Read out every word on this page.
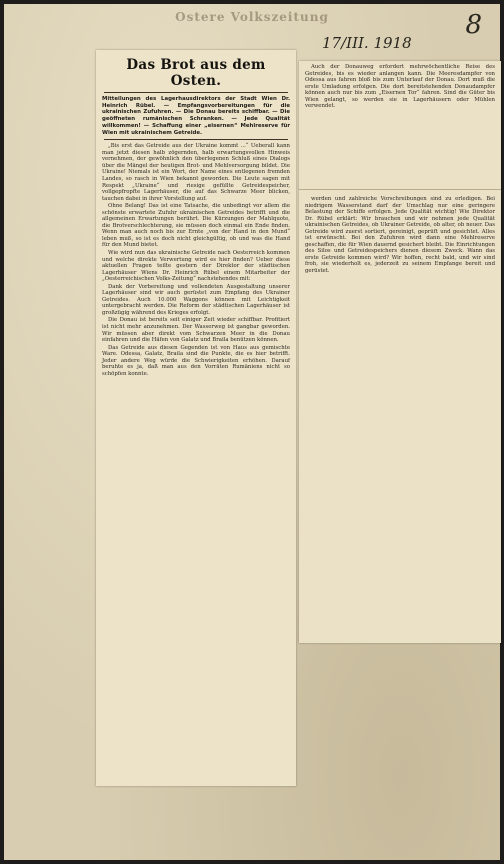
Ostere Volkszeitung	8
17/III. 1918
Das Brot aus dem Osten.
Mitteilungen des Lagerhausdirektors der Stadt Wien Dr. Heinrich Rübel. — Empfangsvorbereitungen für die ukrainischen Zufuhren. — Die Donau bereits schiffbar. — Die geöffneten rumänischen Schranken. — Jede Qualität willkommen! — Schaffung einer „eisernen“ Mehlreserve für Wien mit ukrainischem Getreide.

„Bis erst das Getreide aus der Ukraine kommt ...“ Ueberall kann man jetzt diesen halb zögernden, halb erwartungsvollen Hinweis vernehmen, der gewöhnlich den überlegenen Schluß eines Dialogs über die Mängel der heutigen Brot- und Mehlversorgung bildet. Die Ukraine! Niemals ist ein Wort, der Name eines entlegenen fremden Landes, so rasch in Wien bekannt geworden. Die Leute sagen mit Respekt „Ukraine“ und riesige gefüllte Getreidespeicher, vollgepfropfte Lagerhäuser, die auf das Schwarze Meer blicken, tauchen dabei in ihrer Vorstellung auf.

Ohne Belang! Das ist eine Tatsache, die unbedingt vor allem die schönste erwartete Zufuhr ukrainischen Getreides betrifft und die allgemeinen Erwartungen berührt. Die Kürzungen der Mahlquote, die Brotverschlechterung, sie müssen doch einmal ein Ende finden. Wenn man auch noch bis zur Ernte „von der Hand in den Mund“ leben muß, so ist es doch nicht gleichgültig, ob und was die Hand für den Mund bietet.

Wie wird nun das ukrainische Getreide nach Oesterreich kommen und welche direkte Verwertung wird es hier finden? Ueber diese aktuellen Fragen teilte gestern der Direktor der städtischen Lagerhäuser Wiens Dr. Heinrich Rübel einem Mitarbeiter der „Oesterreichischen Volks-Zeitung“ nachstehendes mit:

Dank der Vorbereitung und vollendeten Ausgestaltung unserer Lagerhäuser sind wir auch gerüstet zum Empfang des Ukrainer Getreides. Auch 10.000 Waggons können mit Leichtigkeit untergebracht werden. Die Reform der städtischen Lagerhäuser ist großzügig während des Krieges erfolgt.

Die Donau ist bereits seit einiger Zeit wieder schiffbar. Profitiert ist nicht mehr anzunehmen. Der Wasserweg ist gangbar geworden. Wir müssen aber direkt vom Schwarzen Meer in die Donau einfahren und die Häfen von Galatz und Braila benützen können.

Das Getreide aus diesen Gegenden ist von Haus aus gemischte Ware. Odessa, Galatz, Braila sind die Punkte, die es hier betrifft. Jeder andere Weg würde die Schwierigkeiten erhöhen. Darauf beruhte es ja, daß man aus den Vorräten Rumäniens nicht so schöpfen konnte.

Auch der Donauweg erfordert mehrwöchentliche Reise des Getreides, bis es wieder anlangen kann. Die Meeresdampfer von Odessa aus fahren bloß bis zum Unterlauf der Donau. Dort muß die erste Umladung erfolgen. Die dort bereitstehenden Donaudampfer können auch nur bis zum „Eisernen Tor“ fahren. Sind die Güter bis Wien gelangt, so werden sie in Lagerhäusern oder Mühlen verwendet.

werden und zahlreiche Vorschreibungen sind zu erledigen. Bei niedrigem Wasserstand darf der Umschlag nur eine geringere Belastung der Schiffe erfolgen. Jede Qualität wichtig! Wie Direktor Dr. Rübel erklärt: Wir brauchen und wir nehmen jede Qualität ukrainischen Getreides, ob Ukrainer Getreide, ob alter, ob neuer. Das Getreide wird zuerst sortiert, gereinigt, geprüft und gesichtet. Alles ist erwünscht. Bei den Zufuhren wird dann eine Mehlreserve geschaffen, die für Wien dauernd gesichert bleibt. Die Einrichtungen des Silos und Getreidespeichers dienen diesem Zweck. Wann das erste Getreide kommen wird? Wir hoffen, recht bald, und wir sind froh, sie wiederholt es, jederzeit zu seinem Empfange bereit und gerüstet.
